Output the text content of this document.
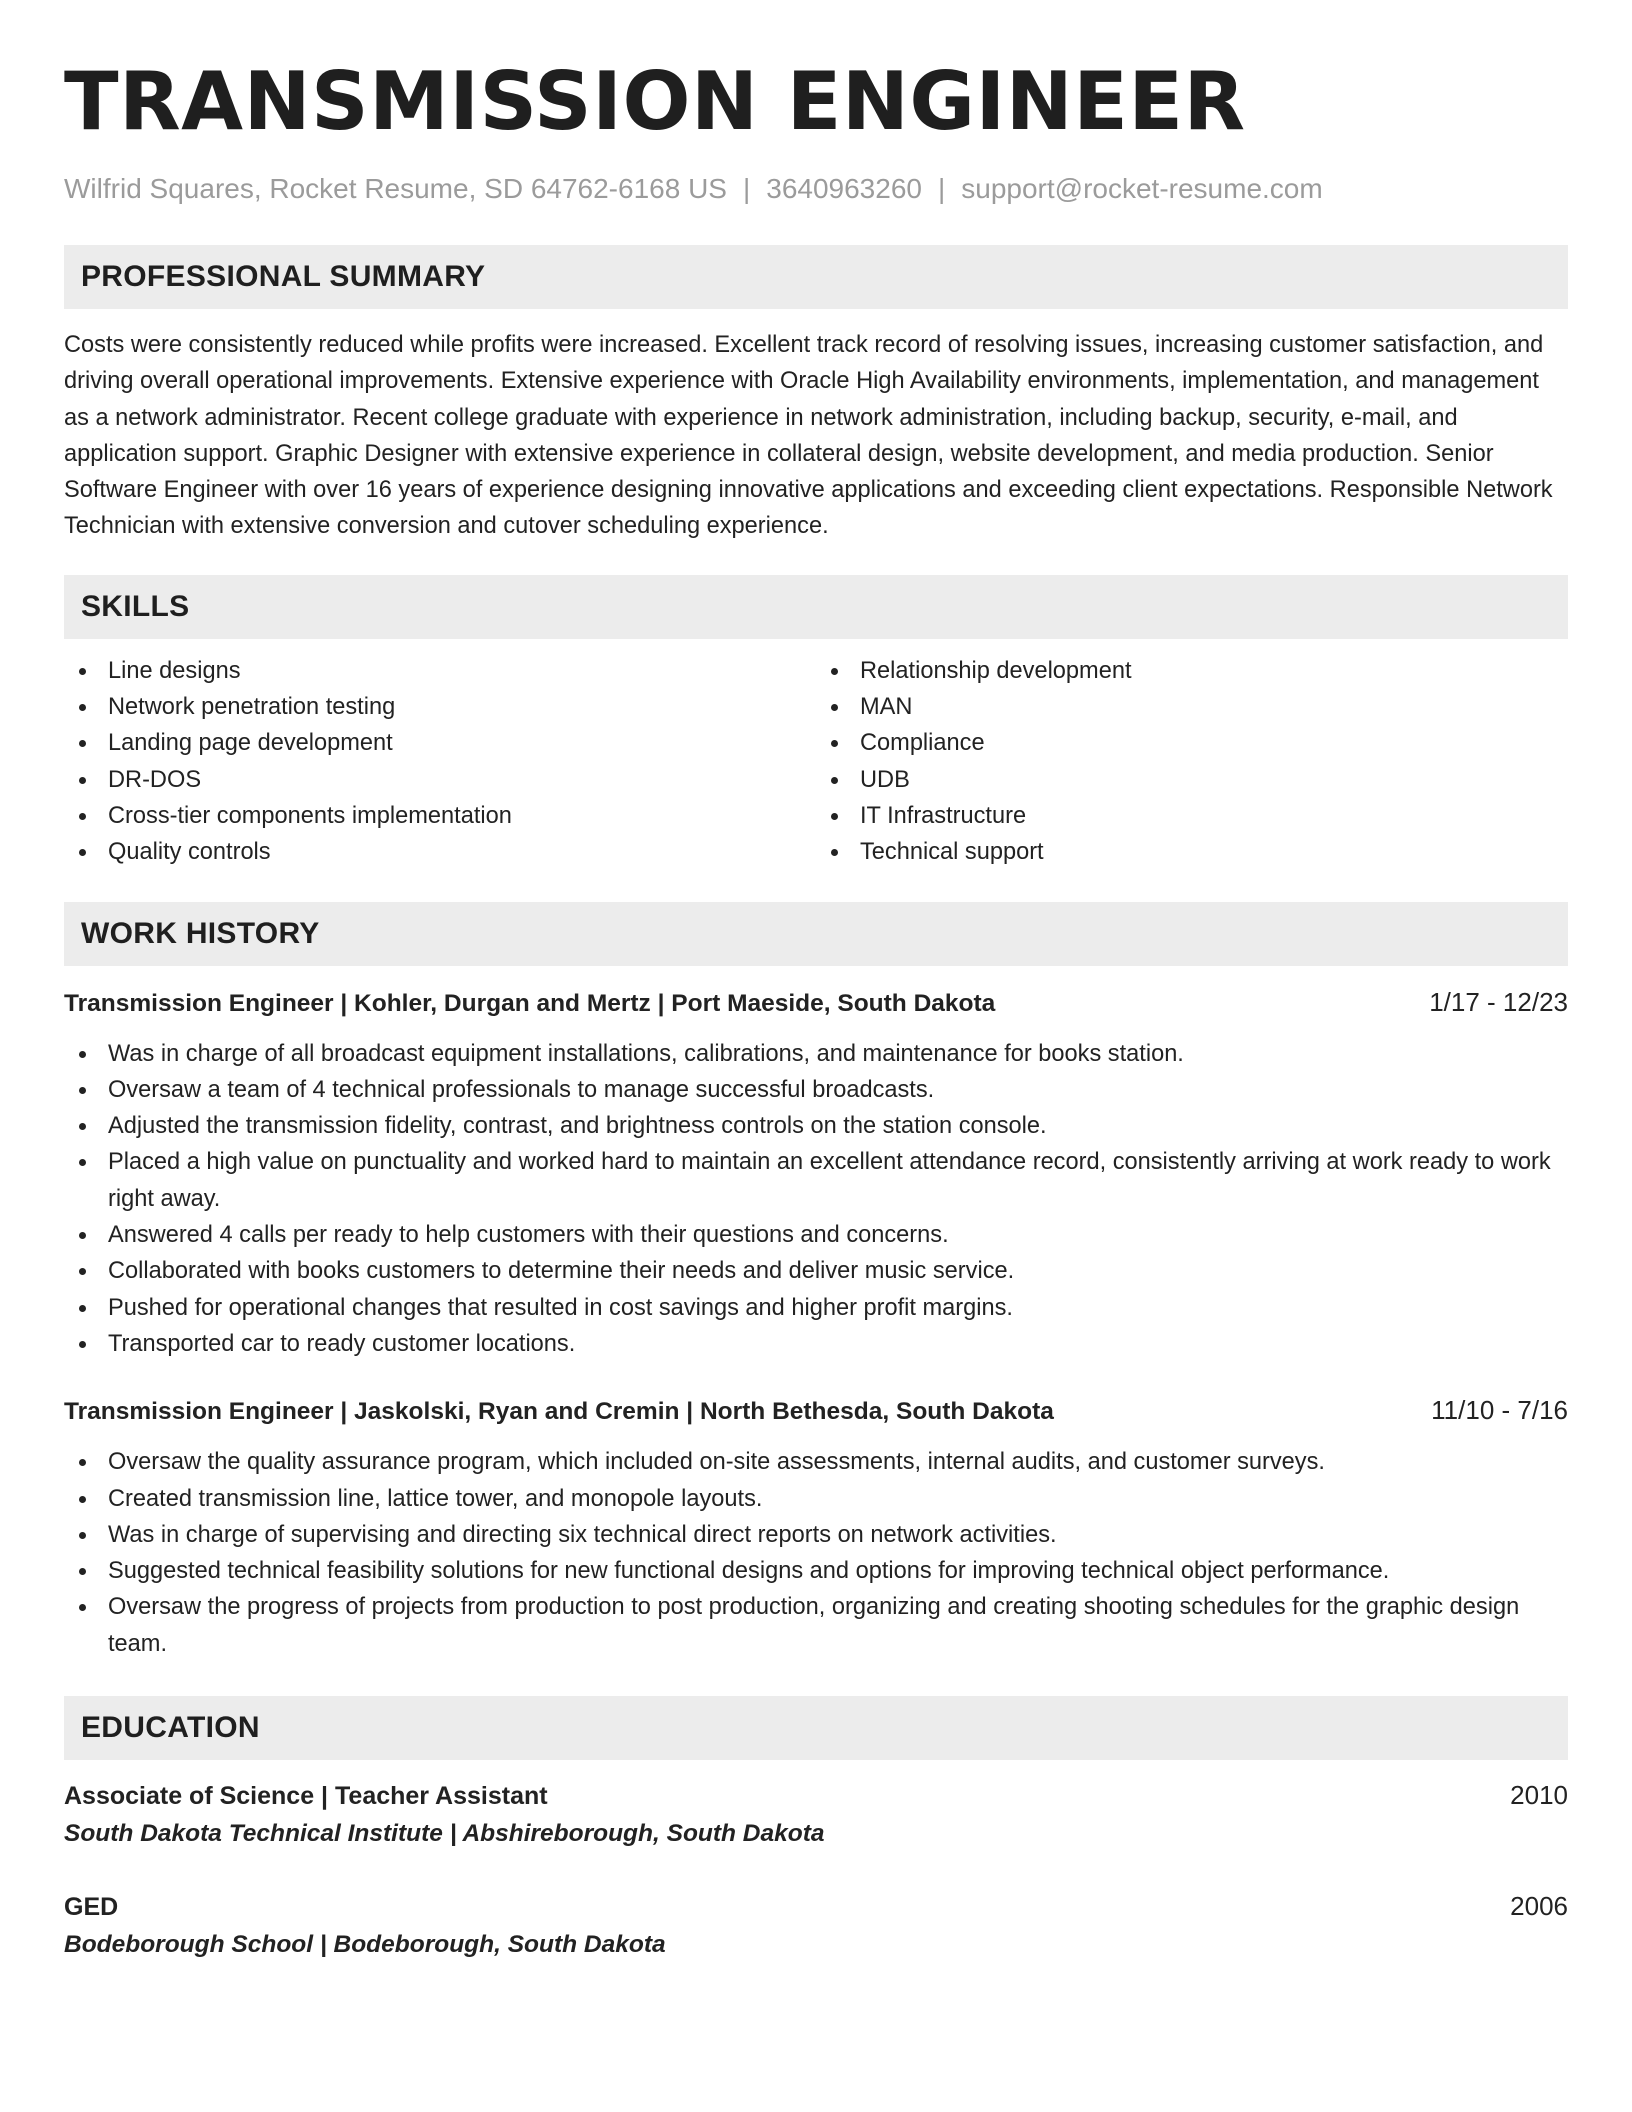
TRANSMISSION ENGINEER
Wilfrid Squares, Rocket Resume, SD 64762-6168 US | 3640963260 | support@rocket-resume.com
PROFESSIONAL SUMMARY

Costs were consistently reduced while profits were increased. Excellent track record of resolving issues, increasing customer satisfaction, and driving overall operational improvements. Extensive experience with Oracle High Availability environments, implementation, and management as a network administrator. Recent college graduate with experience in network administration, including backup, security, e-mail, and application support. Graphic Designer with extensive experience in collateral design, website development, and media production. Senior Software Engineer with over 16 years of experience designing innovative applications and exceeding client expectations. Responsible Network Technician with extensive conversion and cutover scheduling experience.

SKILLS
Line designs
Network penetration testing
Landing page development
DR-DOS
Cross-tier components implementation
Quality controls
Relationship development
MAN
Compliance
UDB
IT Infrastructure
Technical support
WORK HISTORY
Transmission Engineer | Kohler, Durgan and Mertz | Port Maeside, South Dakota	1/17 - 12/23
Was in charge of all broadcast equipment installations, calibrations, and maintenance for books station.
Oversaw a team of 4 technical professionals to manage successful broadcasts.
Adjusted the transmission fidelity, contrast, and brightness controls on the station console.
Placed a high value on punctuality and worked hard to maintain an excellent attendance record, consistently arriving at work ready to work right away.
Answered 4 calls per ready to help customers with their questions and concerns.
Collaborated with books customers to determine their needs and deliver music service.
Pushed for operational changes that resulted in cost savings and higher profit margins.
Transported car to ready customer locations.
Transmission Engineer | Jaskolski, Ryan and Cremin | North Bethesda, South Dakota	11/10 - 7/16
Oversaw the quality assurance program, which included on-site assessments, internal audits, and customer surveys.
Created transmission line, lattice tower, and monopole layouts.
Was in charge of supervising and directing six technical direct reports on network activities.
Suggested technical feasibility solutions for new functional designs and options for improving technical object performance.
Oversaw the progress of projects from production to post production, organizing and creating shooting schedules for the graphic design team.
EDUCATION
Associate of Science | Teacher Assistant	2010
South Dakota Technical Institute | Abshireborough, South Dakota
GED	2006
Bodeborough School | Bodeborough, South Dakota
